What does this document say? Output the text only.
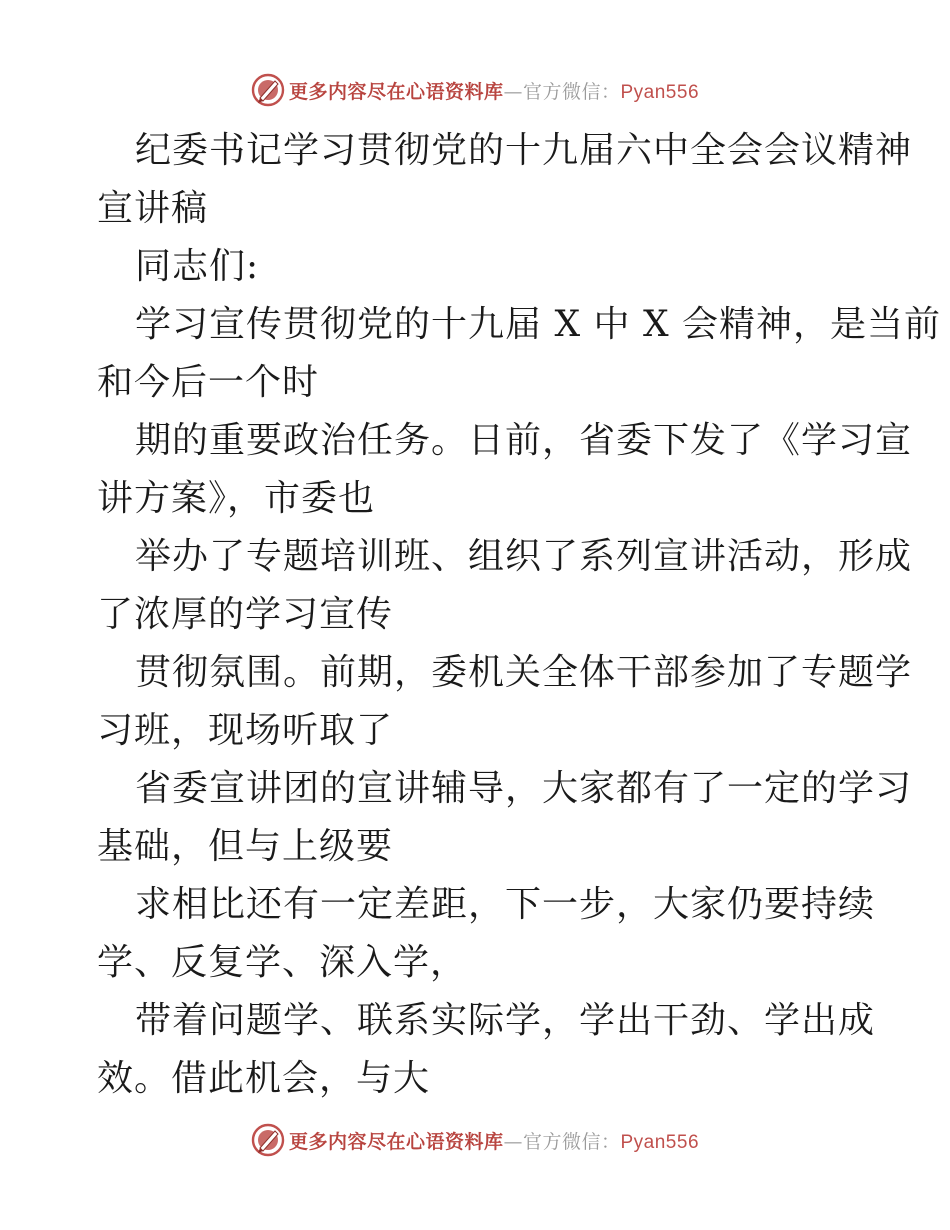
更多内容尽在心语资料库—官方微信：Pyan556
纪委书记学习贯彻党的十九届六中全会会议精神
宣讲稿
同志们:
学习宣传贯彻党的十九届 X 中 X 会精神，是当前
和今后一个时
期的重要政治任务。日前，省委下发了《学习宣
讲方案》，市委也
举办了专题培训班、组织了系列宣讲活动，形成
了浓厚的学习宣传
贯彻氛围。前期，委机关全体干部参加了专题学
习班，现场听取了
省委宣讲团的宣讲辅导，大家都有了一定的学习
基础，但与上级要
求相比还有一定差距，下一步，大家仍要持续
学、反复学、深入学，
带着问题学、联系实际学，学出干劲、学出成
效。借此机会，与大
更多内容尽在心语资料库—官方微信：Pyan556
